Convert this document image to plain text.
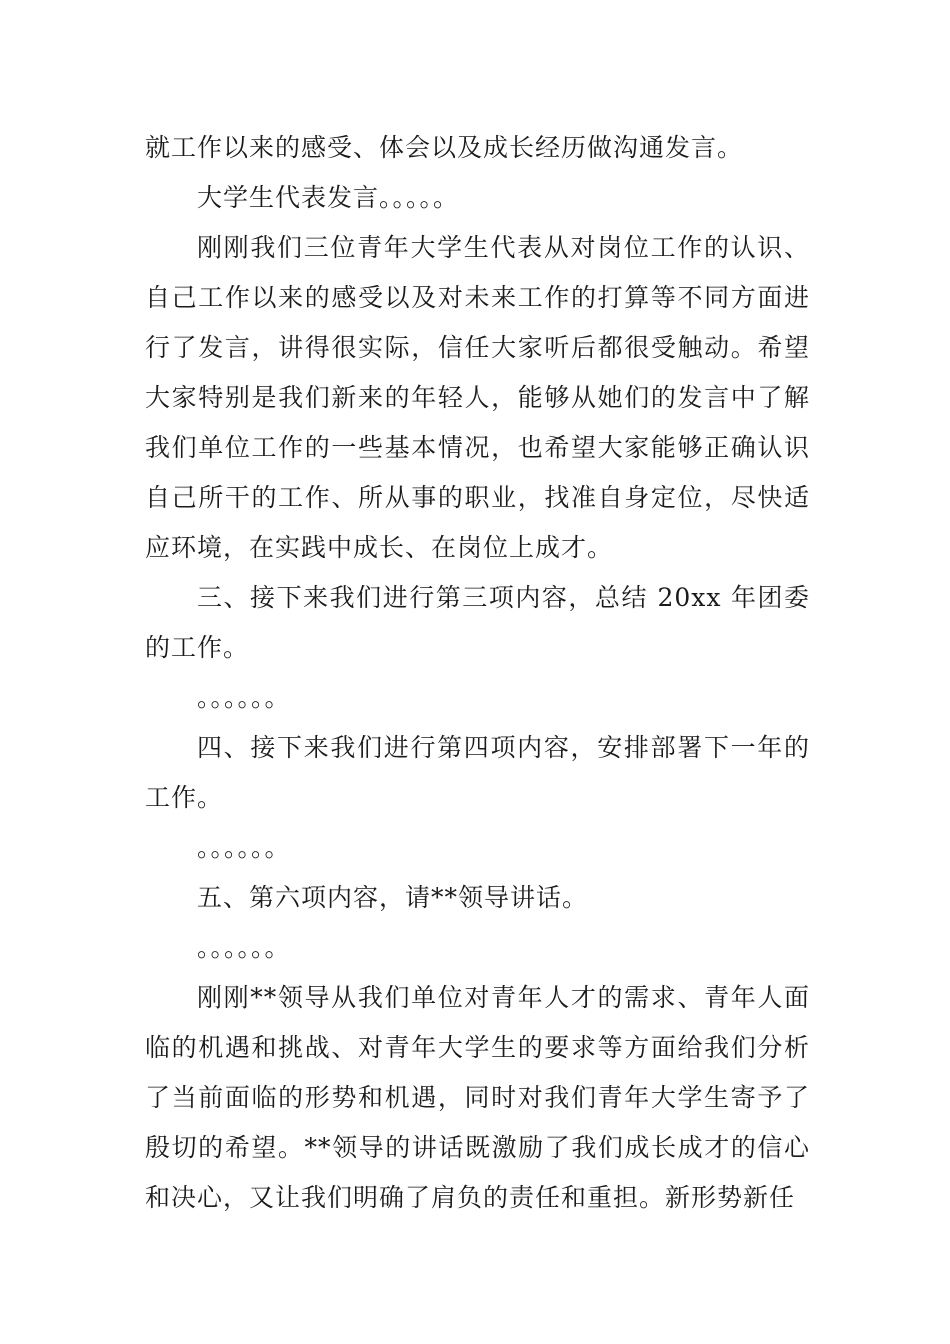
就工作以来的感受、体会以及成长经历做沟通发言。

大学生代表发言。。。。。

刚刚我们三位青年大学生代表从对岗位工作的认识、自己工作以来的感受以及对未来工作的打算等不同方面进行了发言，讲得很实际，信任大家听后都很受触动。希望大家特别是我们新来的年轻人，能够从她们的发言中了解我们单位工作的一些基本情况，也希望大家能够正确认识自己所干的工作、所从事的职业，找准自身定位，尽快适应环境，在实践中成长、在岗位上成才。

三、接下来我们进行第三项内容，总结 20xx 年团委的工作。

。。。。。。

四、接下来我们进行第四项内容，安排部署下一年的工作。

。。。。。。

五、第六项内容，请**领导讲话。

。。。。。。

刚刚**领导从我们单位对青年人才的需求、青年人面临的机遇和挑战、对青年大学生的要求等方面给我们分析了当前面临的形势和机遇，同时对我们青年大学生寄予了殷切的希望。**领导的讲话既激励了我们成长成才的信心和决心，又让我们明确了肩负的责任和重担。新形势新任
